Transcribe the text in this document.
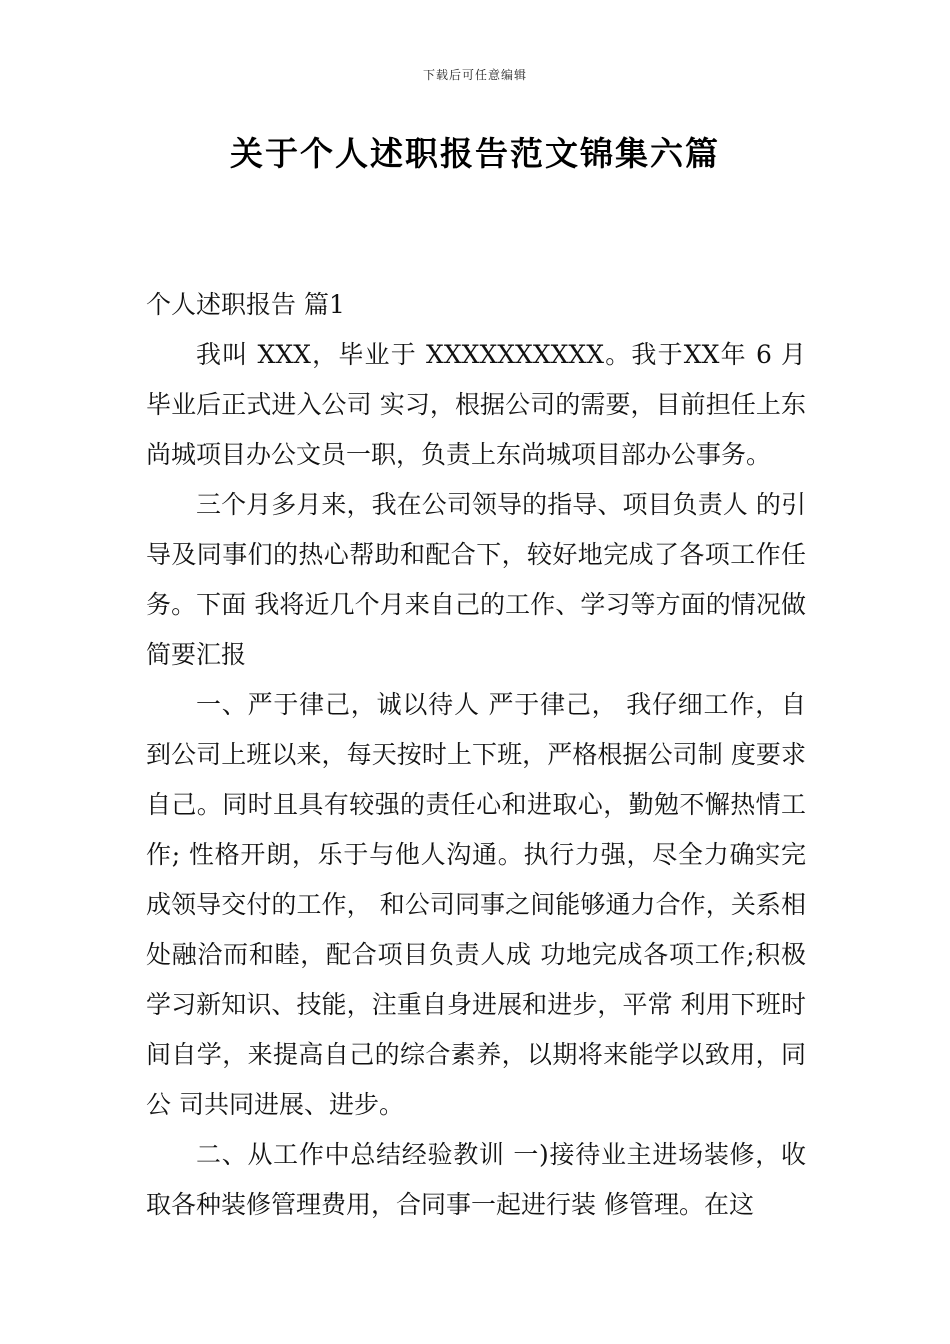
下载后可任意编辑
关于个人述职报告范文锦集六篇
个人述职报告 篇1

我叫 XXX，毕业于 XXXXXXXXXX。我于XX年 6 月毕业后正式进入公司 实习，根据公司的需要，目前担任上东尚城项目办公文员一职，负责上东尚城项目部办公事务。

三个月多月来，我在公司领导的指导、项目负责人 的引导及同事们的热心帮助和配合下，较好地完成了各项工作任务。下面 我将近几个月来自己的工作、学习等方面的情况做简要汇报

一、严于律己，诚以待人 严于律己， 我仔细工作，自到公司上班以来，每天按时上下班，严格根据公司制 度要求自己。同时且具有较强的责任心和进取心，勤勉不懈热情工作; 性格开朗，乐于与他人沟通。执行力强，尽全力确实完成领导交付的工作， 和公司同事之间能够通力合作，关系相处融洽而和睦，配合项目负责人成 功地完成各项工作;积极学习新知识、技能，注重自身进展和进步，平常 利用下班时间自学，来提高自己的综合素养，以期将来能学以致用，同公 司共同进展、进步。

二、从工作中总结经验教训 一)接待业主进场装修，收取各种装修管理费用，合同事一起进行装 修管理。在这
